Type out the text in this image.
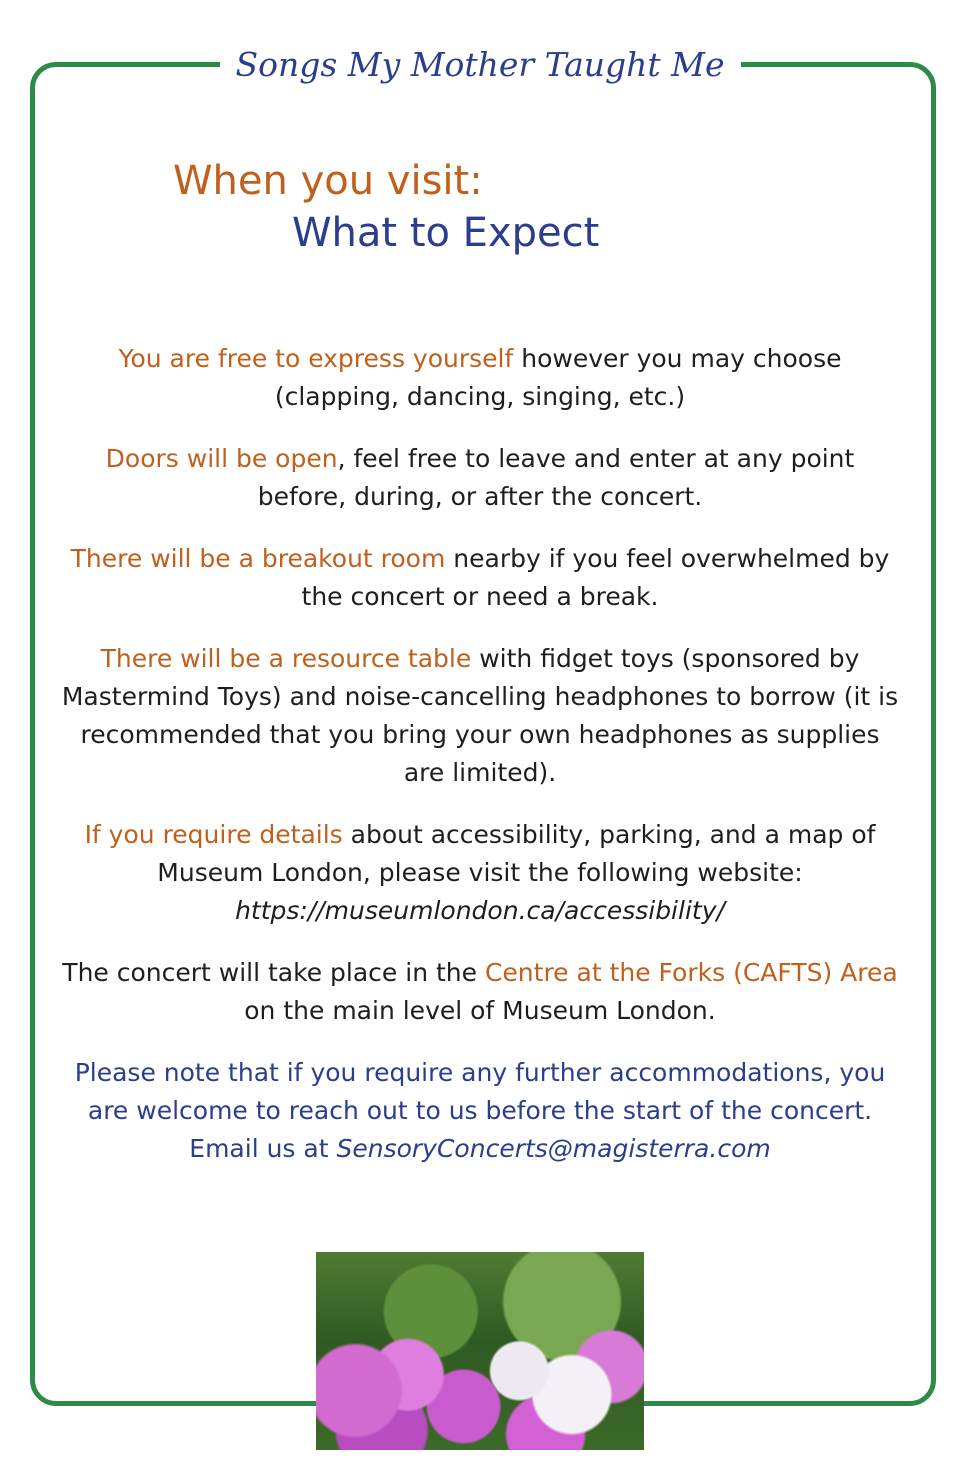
Songs My Mother Taught Me
When you visit:
What to Expect

You are free to express yourself however you may choose (clapping, dancing, singing, etc.)

Doors will be open, feel free to leave and enter at any point before, during, or after the concert.

There will be a breakout room nearby if you feel overwhelmed by the concert or need a break.

There will be a resource table with fidget toys (sponsored by Mastermind Toys) and noise-cancelling headphones to borrow (it is recommended that you bring your own headphones as supplies are limited).

If you require details about accessibility, parking, and a map of Museum London, please visit the following website: https://museumlondon.ca/accessibility/

The concert will take place in the Centre at the Forks (CAFTS) Area on the main level of Museum London.

Please note that if you require any further accommodations, you are welcome to reach out to us before the start of the concert. Email us at SensoryConcerts@magisterra.com
